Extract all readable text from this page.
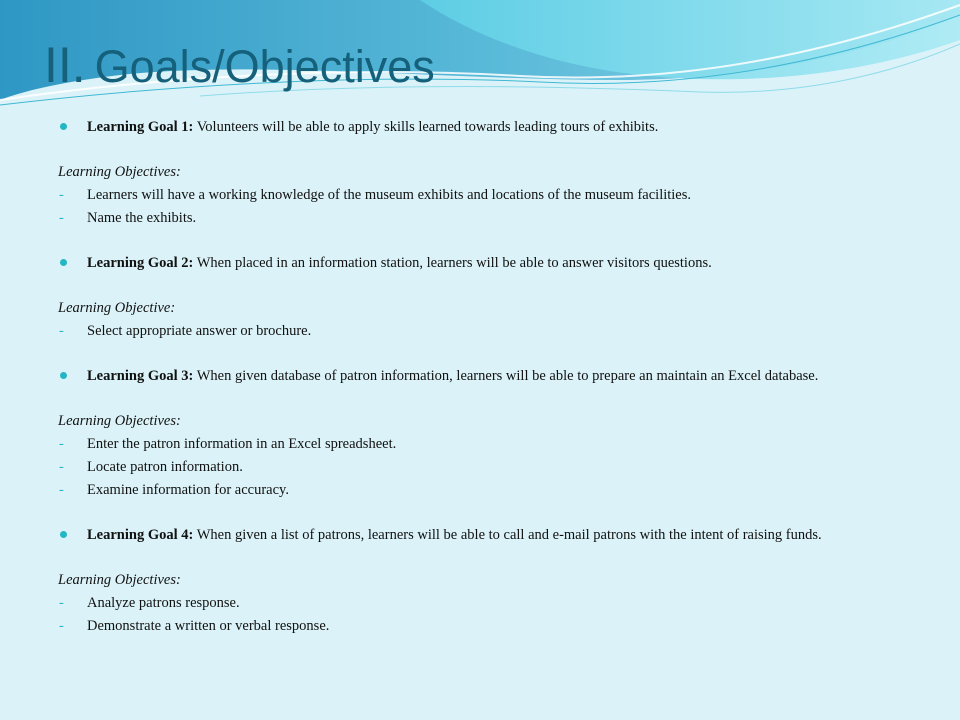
II. Goals/Objectives

Learning Goal 1: Volunteers will be able to apply skills learned towards leading tours of exhibits.

Learning Objectives:

- Learners will have a working knowledge of the museum exhibits and locations of the museum facilities.

- Name the exhibits.

Learning Goal 2: When placed in an information station, learners will be able to answer visitors questions.

Learning Objective:

- Select appropriate answer or brochure.

Learning Goal 3: When given database of patron information, learners will be able to prepare an maintain an Excel database.

Learning Objectives:

- Enter the patron information in an Excel spreadsheet.

- Locate patron information.

- Examine information for accuracy.

Learning Goal 4: When given a list of patrons, learners will be able to call and e-mail patrons with the intent of raising funds.

Learning Objectives:

- Analyze patrons response.

- Demonstrate a written or verbal response.
